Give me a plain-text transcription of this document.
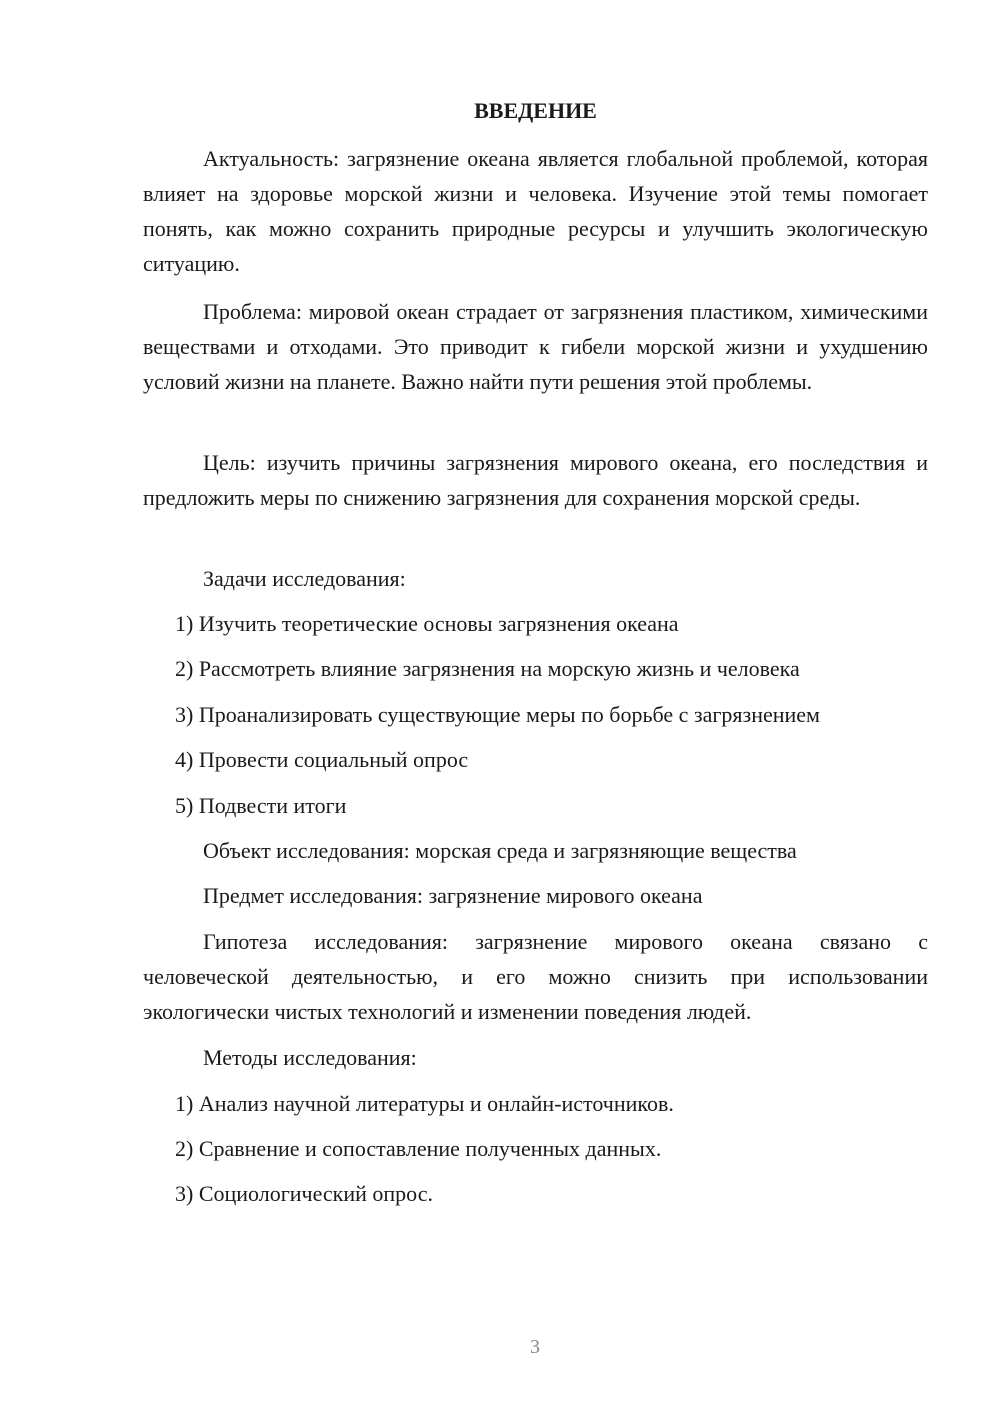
ВВЕДЕНИЕ

Актуальность: загрязнение океана является глобальной проблемой, которая влияет на здоровье морской жизни и человека. Изучение этой темы помогает понять, как можно сохранить природные ресурсы и улучшить экологическую ситуацию.

Проблема: мировой океан страдает от загрязнения пластиком, химическими веществами и отходами. Это приводит к гибели морской жизни и ухудшению условий жизни на планете. Важно найти пути решения этой проблемы.

Цель: изучить причины загрязнения мирового океана, его последствия и предложить меры по снижению загрязнения для сохранения морской среды.

Задачи исследования:

1) Изучить теоретические основы загрязнения океана

2) Рассмотреть влияние загрязнения на морскую жизнь и человека

3) Проанализировать существующие меры по борьбе с загрязнением

4) Провести социальный опрос

5) Подвести итоги

Объект исследования: морская среда и загрязняющие вещества

Предмет исследования: загрязнение мирового океана

Гипотеза исследования: загрязнение мирового океана связано с человеческой деятельностью, и его можно снизить при использовании экологически чистых технологий и изменении поведения людей.

Методы исследования:

1) Анализ научной литературы и онлайн-источников.

2) Сравнение и сопоставление полученных данных.

3) Социологический опрос.

3
